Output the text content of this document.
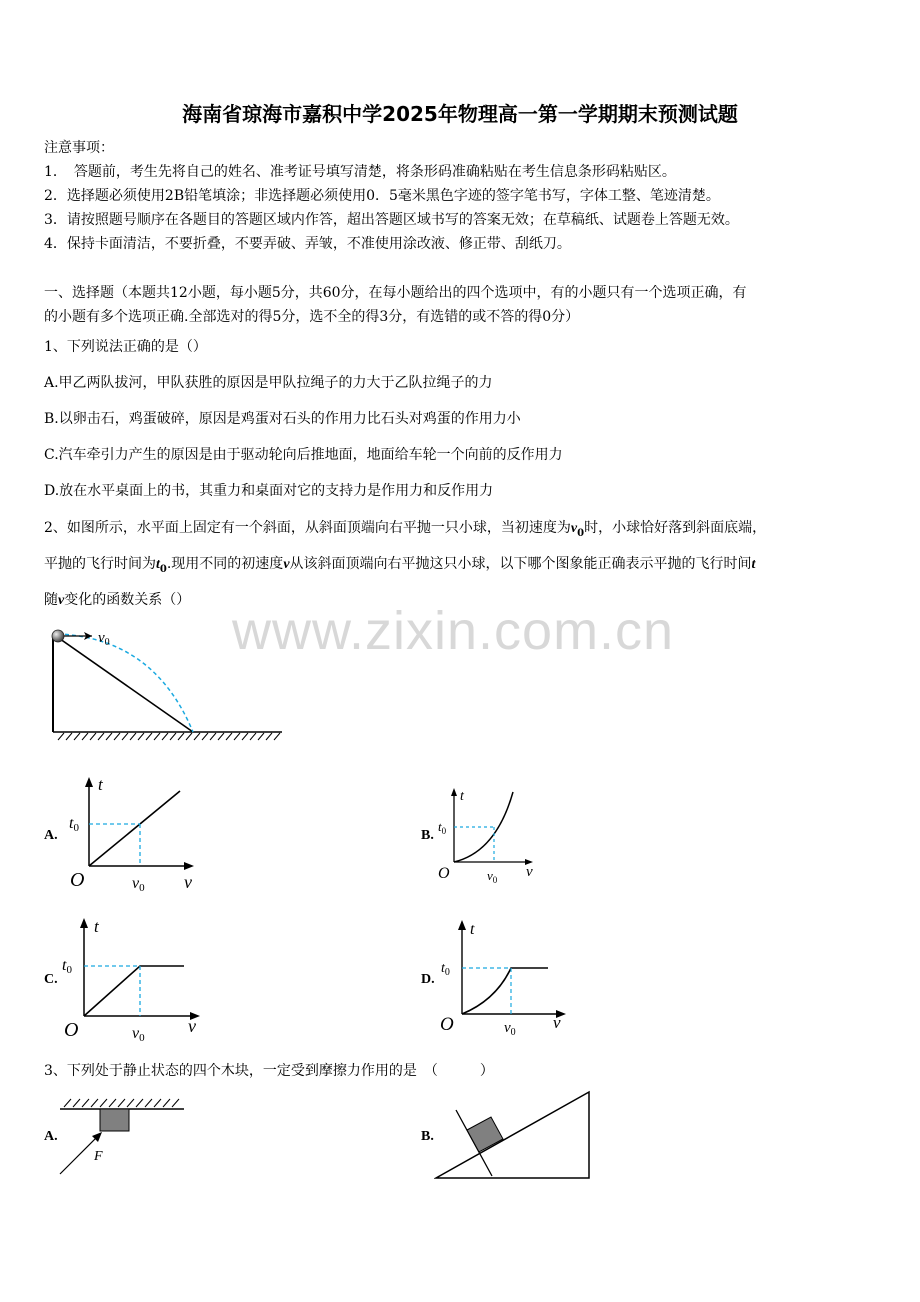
海南省琼海市嘉积中学2025年物理高一第一学期期末预测试题
注意事项：
1．　答题前，考生先将自己的姓名、准考证号填写清楚，将条形码准确粘贴在考生信息条形码粘贴区。
2．选择题必须使用2B铅笔填涂；非选择题必须使用0．5毫米黑色字迹的签字笔书写，字体工整、笔迹清楚。
3．请按照题号顺序在各题目的答题区域内作答，超出答题区域书写的答案无效；在草稿纸、试题卷上答题无效。
4．保持卡面清洁，不要折叠，不要弄破、弄皱，不准使用涂改液、修正带、刮纸刀。
一、选择题（本题共12小题，每小题5分，共60分，在每小题给出的四个选项中，有的小题只有一个选项正确，有
的小题有多个选项正确.全部选对的得5分，选不全的得3分，有选错的或不答的得0分）
1、下列说法正确的是（）
A.甲乙两队拔河，甲队获胜的原因是甲队拉绳子的力大于乙队拉绳子的力
B.以卵击石，鸡蛋破碎，原因是鸡蛋对石头的作用力比石头对鸡蛋的作用力小
C.汽车牵引力产生的原因是由于驱动轮向后推地面，地面给车轮一个向前的反作用力
D.放在水平桌面上的书，其重力和桌面对它的支持力是作用力和反作用力
2、如图所示，水平面上固定有一个斜面，从斜面顶端向右平抛一只小球，当初速度为$v_0$时，小球恰好落到斜面底端，
平抛的飞行时间为$t_0$.现用不同的初速度v从该斜面顶端向右平抛这只小球，以下哪个图象能正确表示平抛的飞行时间t
随v变化的函数关系（）
www.zixin.com.cn
$v_0$
A.
t
t0
O	v0 v
B.
t
$t_0$
O	$v_0$ v
C.
t
t0
O	v0
v
D.
t
$t_0$
O	$v_0$
v
3、下列处于静止状态的四个木块，一定受到摩擦力作用的是　（　　　）
A.
F
B.
